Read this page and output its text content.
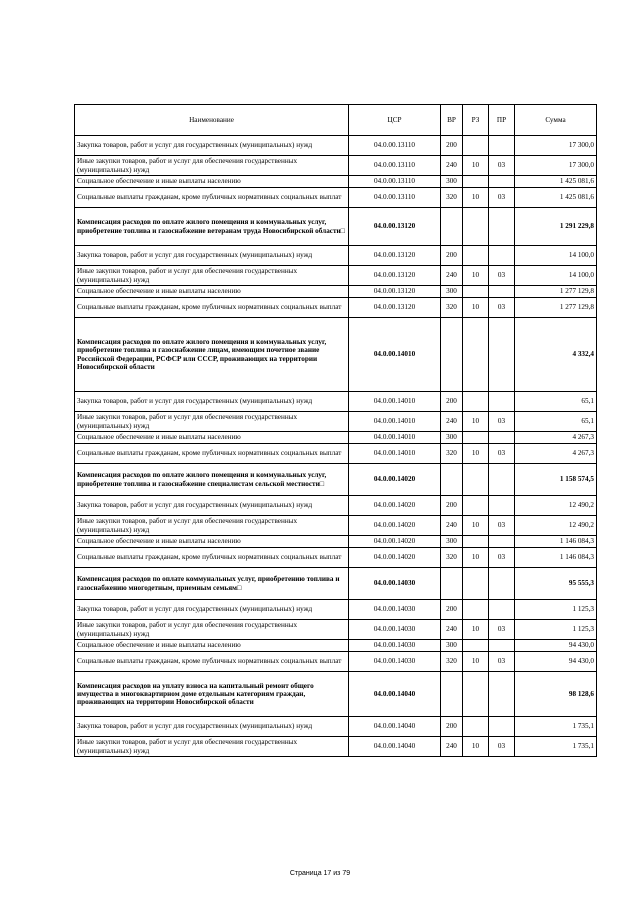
Наименование	ЦСР	ВР	РЗ	ПР	Сумма
Закупка товаров, работ и услуг для государственных (муниципальных) нужд	04.0.00.13110	200			17 300,0
Иные закупки товаров, работ и услуг для обеспечения государственных (муниципальных) нужд	04.0.00.13110	240	10	03	17 300,0
Социальное обеспечение и иные выплаты населению	04.0.00.13110	300			1 425 081,6
Социальные выплаты гражданам, кроме публичных нормативных социальных выплат	04.0.00.13110	320	10	03	1 425 081,6
Компенсация расходов по оплате жилого помещения и коммунальных услуг, приобретение топлива и газоснабжение ветеранам труда Новосибирской области□	04.0.00.13120				1 291 229,8
Закупка товаров, работ и услуг для государственных (муниципальных) нужд	04.0.00.13120	200			14 100,0
Иные закупки товаров, работ и услуг для обеспечения государственных (муниципальных) нужд	04.0.00.13120	240	10	03	14 100,0
Социальное обеспечение и иные выплаты населению	04.0.00.13120	300			1 277 129,8
Социальные выплаты гражданам, кроме публичных нормативных социальных выплат	04.0.00.13120	320	10	03	1 277 129,8
Компенсация расходов по оплате жилого помещения и коммунальных услуг, приобретение топлива и газоснабжение лицам, имеющим почетное звание Российской Федерации, РСФСР или СССР, проживающих на территории Новосибирской области	04.0.00.14010				4 332,4
Закупка товаров, работ и услуг для государственных (муниципальных) нужд	04.0.00.14010	200			65,1
Иные закупки товаров, работ и услуг для обеспечения государственных (муниципальных) нужд	04.0.00.14010	240	10	03	65,1
Социальное обеспечение и иные выплаты населению	04.0.00.14010	300			4 267,3
Социальные выплаты гражданам, кроме публичных нормативных социальных выплат	04.0.00.14010	320	10	03	4 267,3
Компенсация расходов по оплате жилого помещения и коммунальных услуг, приобретение топлива и газоснабжение специалистам сельской местности□	04.0.00.14020				1 158 574,5
Закупка товаров, работ и услуг для государственных (муниципальных) нужд	04.0.00.14020	200			12 490,2
Иные закупки товаров, работ и услуг для обеспечения государственных (муниципальных) нужд	04.0.00.14020	240	10	03	12 490,2
Социальное обеспечение и иные выплаты населению	04.0.00.14020	300			1 146 084,3
Социальные выплаты гражданам, кроме публичных нормативных социальных выплат	04.0.00.14020	320	10	03	1 146 084,3
Компенсация расходов по оплате коммунальных услуг, приобретению топлива и газоснабжению многодетным, приемным семьям□	04.0.00.14030				95 555,3
Закупка товаров, работ и услуг для государственных (муниципальных) нужд	04.0.00.14030	200			1 125,3
Иные закупки товаров, работ и услуг для обеспечения государственных (муниципальных) нужд	04.0.00.14030	240	10	03	1 125,3
Социальное обеспечение и иные выплаты населению	04.0.00.14030	300			94 430,0
Социальные выплаты гражданам, кроме публичных нормативных социальных выплат	04.0.00.14030	320	10	03	94 430,0
Компенсация расходов на уплату взноса на капитальный ремонт общего имущества в многоквартирном доме отдельным категориям граждан, проживающих на территории Новосибирской области	04.0.00.14040				98 128,6
Закупка товаров, работ и услуг для государственных (муниципальных) нужд	04.0.00.14040	200			1 735,1
Иные закупки товаров, работ и услуг для обеспечения государственных (муниципальных) нужд	04.0.00.14040	240	10	03	1 735,1
Страница 17 из 79
